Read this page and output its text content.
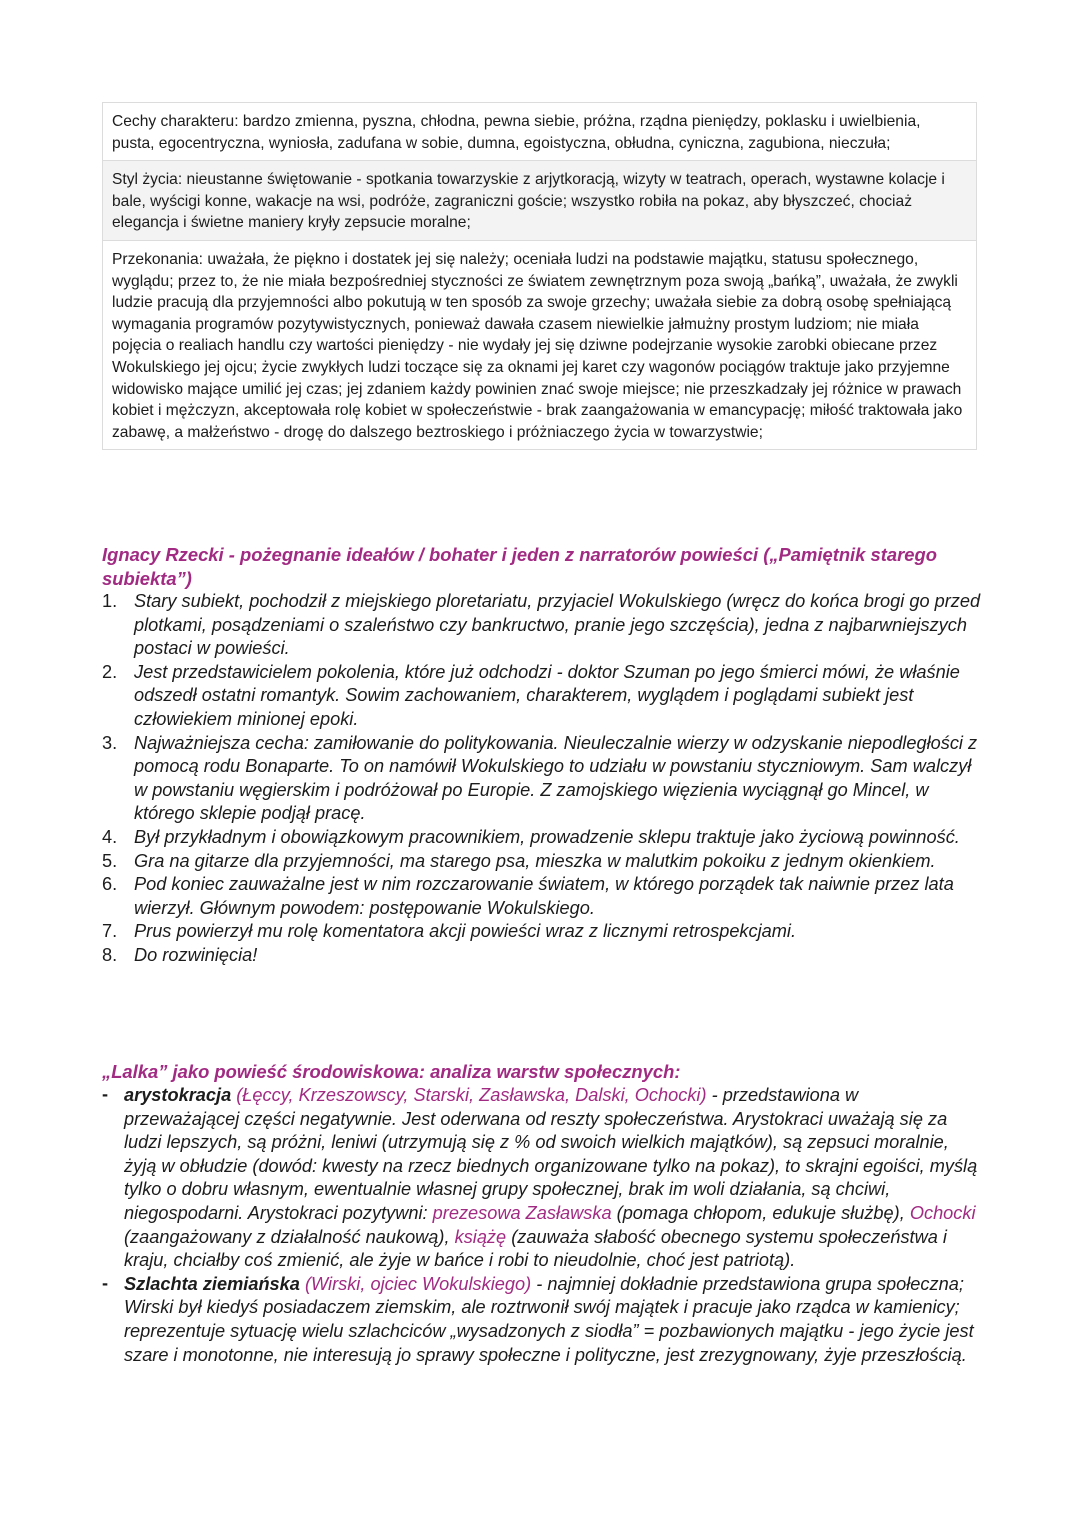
Cechy charakteru: bardzo zmienna, pyszna, chłodna, pewna siebie, próżna, rządna pieniędzy, poklasku i uwielbienia, pusta, egocentryczna, wyniosła, zadufana w sobie, dumna, egoistyczna, obłudna, cyniczna, zagubiona, nieczuła;
Styl życia: nieustanne świętowanie - spotkania towarzyskie z arjytkoracją, wizyty w teatrach, operach, wystawne kolacje i bale, wyścigi konne, wakacje na wsi, podróże, zagraniczni goście; wszystko robiła na pokaz, aby błyszczeć, chociaż elegancja i świetne maniery kryły zepsucie moralne;
Przekonania: uważała, że piękno i dostatek jej się należy; oceniała ludzi na podstawie majątku, statusu społecznego, wyglądu; przez to, że nie miała bezpośredniej styczności ze światem zewnętrznym poza swoją „bańką”, uważała, że zwykli ludzie pracują dla przyjemności albo pokutują w ten sposób za swoje grzechy; uważała siebie za dobrą osobę spełniającą wymagania programów pozytywistycznych, ponieważ dawała czasem niewielkie jałmużny prostym ludziom; nie miała pojęcia o realiach handlu czy wartości pieniędzy - nie wydały jej się dziwne podejrzanie wysokie zarobki obiecane przez Wokulskiego jej ojcu; życie zwykłych ludzi toczące się za oknami jej karet czy wagonów pociągów traktuje jako przyjemne widowisko mające umilić jej czas; jej zdaniem każdy powinien znać swoje miejsce; nie przeszkadzały jej różnice w prawach kobiet i mężczyzn, akceptowała rolę kobiet w społeczeństwie - brak zaangażowania w emancypację; miłość traktowała jako zabawę, a małżeństwo - drogę do dalszego beztroskiego i próżniaczego życia w towarzystwie;
Ignacy Rzecki - pożegnanie ideałów / bohater i jeden z narratorów powieści („Pamiętnik starego subiekta”)
1. Stary subiekt, pochodził z miejskiego ploretariatu, przyjaciel Wokulskiego (wręcz do końca brogi go przed plotkami, posądzeniami o szaleństwo czy bankructwo, pranie jego szczęścia), jedna z najbarwniejszych postaci w powieści.
2. Jest przedstawicielem pokolenia, które już odchodzi - doktor Szuman po jego śmierci mówi, że właśnie odszedł ostatni romantyk. Sowim zachowaniem, charakterem, wyglądem i poglądami subiekt jest człowiekiem minionej epoki.
3. Najważniejsza cecha: zamiłowanie do politykowania. Nieuleczalnie wierzy w odzyskanie niepodległości z pomocą rodu Bonaparte. To on namówił Wokulskiego to udziału w powstaniu styczniowym. Sam walczył w powstaniu węgierskim i podróżował po Europie. Z zamojskiego więzienia wyciągnął go Mincel, w którego sklepie podjął pracę.
4. Był przykładnym i obowiązkowym pracownikiem, prowadzenie sklepu traktuje jako życiową powinność.
5. Gra na gitarze dla przyjemności, ma starego psa, mieszka w malutkim pokoiku z jednym okienkiem.
6. Pod koniec zauważalne jest w nim rozczarowanie światem, w którego porządek tak naiwnie przez lata wierzył. Głównym powodem: postępowanie Wokulskiego.
7. Prus powierzył mu rolę komentatora akcji powieści wraz z licznymi retrospekcjami.
8. Do rozwinięcia!
„Lalka” jako powieść środowiskowa: analiza warstw społecznych:
- arystokracja (Łęccy, Krzeszowscy, Starski, Zasławska, Dalski, Ochocki) - przedstawiona w przeważającej części negatywnie. Jest oderwana od reszty społeczeństwa. Arystokraci uważają się za ludzi lepszych, są próżni, leniwi (utrzymują się z % od swoich wielkich majątków), są zepsuci moralnie, żyją w obłudzie (dowód: kwesty na rzecz biednych organizowane tylko na pokaz), to skrajni egoiści, myślą tylko o dobru własnym, ewentualnie własnej grupy społecznej, brak im woli działania, są chciwi, niegospodarni. Arystokraci pozytywni: prezesowa Zasławska (pomaga chłopom, edukuje służbę), Ochocki (zaangażowany z działalność naukową), książę (zauważa słabość obecnego systemu społeczeństwa i kraju, chciałby coś zmienić, ale żyje w bańce i robi to nieudolnie, choć jest patriotą).
- Szlachta ziemiańska (Wirski, ojciec Wokulskiego) - najmniej dokładnie przedstawiona grupa społeczna; Wirski był kiedyś posiadaczem ziemskim, ale roztrwonił swój majątek i pracuje jako rządca w kamienicy; reprezentuje sytuację wielu szlachciców „wysadzonych z siodła” = pozbawionych majątku - jego życie jest szare i monotonne, nie interesują jo sprawy społeczne i polityczne, jest zrezygnowany, żyje przeszłością.
